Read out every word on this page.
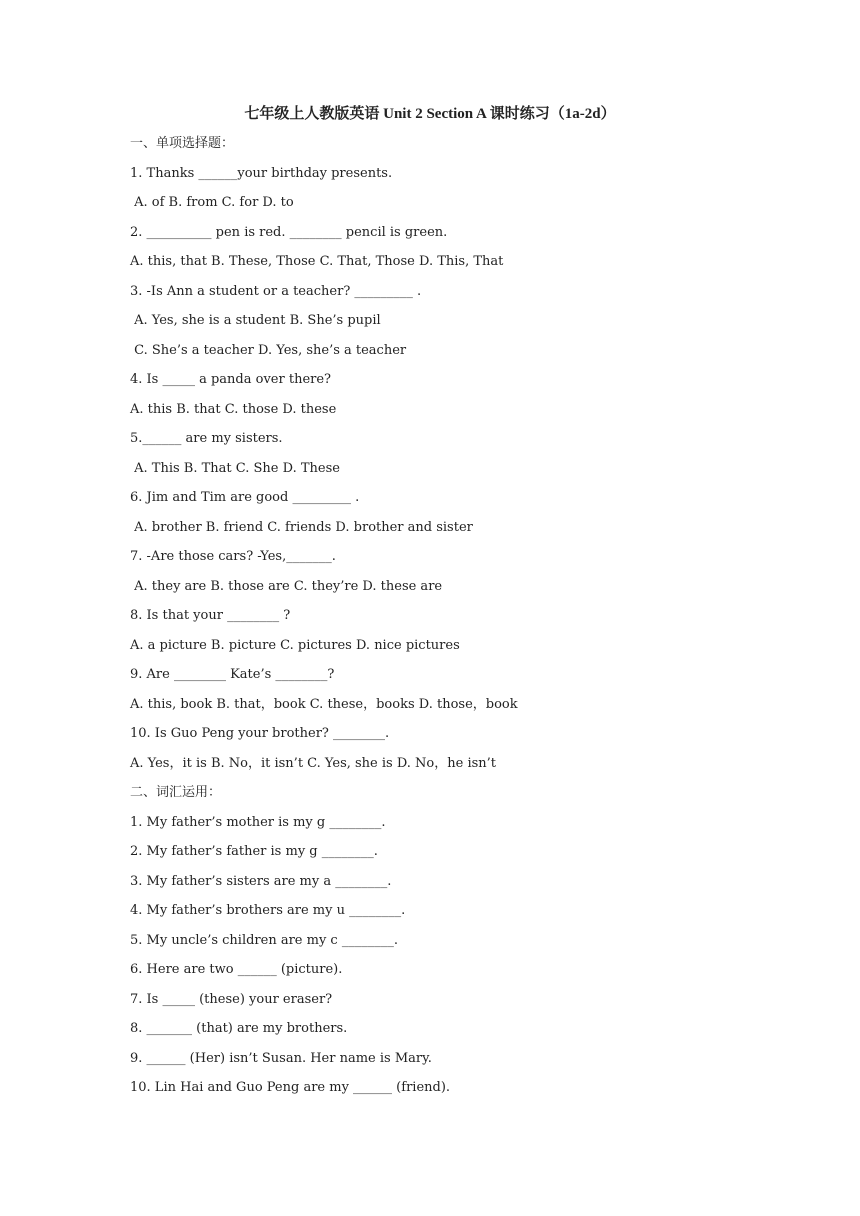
七年级上人教版英语 Unit 2 Section A 课时练习（1a-2d）
一、单项选择题：
1. Thanks ______your birthday presents.
A. of B. from C. for D. to
2. __________ pen is red. ________ pencil is green.
A. this, that B. These, Those C. That, Those D. This, That
3. -Is Ann a student or a teacher? _________ .
A. Yes, she is a student B. She’s pupil
C. She’s a teacher D. Yes, she’s a teacher
4. Is _____ a panda over there?
A. this B. that C. those D. these
5.______ are my sisters.
A. This B. That C. She D. These
6. Jim and Tim are good _________ .
A. brother B. friend C. friends D. brother and sister
7. -Are those cars? -Yes,_______.
A. they are B. those are C. they’re D. these are
8. Is that your ________ ?
A. a picture B. picture C. pictures D. nice pictures
9. Are ________ Kate’s ________?
A. this, book B. that，book C. these，books D. those，book
10. Is Guo Peng your brother? ________.
A. Yes，it is B. No，it isn’t C. Yes, she is D. No，he isn’t
二、词汇运用：
1. My father’s mother is my g ________.
2. My father’s father is my g ________.
3. My father’s sisters are my a ________.
4. My father’s brothers are my u ________.
5. My uncle’s children are my c ________.
6. Here are two ______ (picture).
7. Is _____ (these) your eraser?
8. _______ (that) are my brothers.
9. ______ (Her) isn’t Susan. Her name is Mary.
10. Lin Hai and Guo Peng are my ______ (friend).
